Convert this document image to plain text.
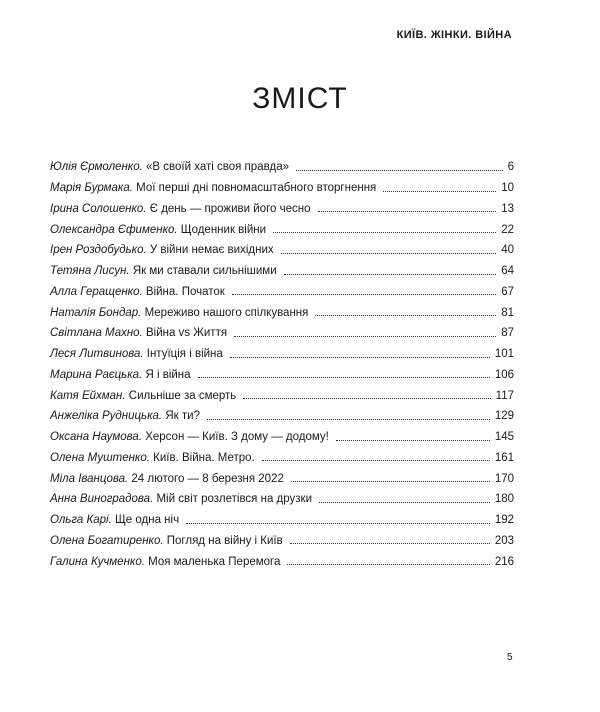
КИЇВ. ЖІНКИ. ВІЙНА
ЗМІСТ
Юлія Єрмоленко.
«В своїй хаті своя правда»	6
Марія Бурмака.
Мої перші дні повномасштабного вторгнення	10
Ірина Солошенко.
Є день — проживи його чесно	13
Олександра Єфименко.
Щоденник війни	22
Ірен Роздобудько.
У війни немає вихідних	40
Тетяна Лисун.
Як ми ставали сильнішими	64
Алла Геращенко.
Війна. Початок	67
Наталія Бондар.
Мереживо нашого спілкування	81
Світлана Махно.
Війна vs Життя	87
Леся Литвинова.
Інтуїція і війна	101
Марина Раєцька.
Я і війна	106
Катя Ейхман.
Сильніше за смерть	117
Анжеліка Рудницька.
Як ти?	129
Оксана Наумова.
Херсон — Київ. З дому — додому!	145
Олена Муштенко.
Київ. Війна. Метро.	161
Міла Іванцова.
24 лютого — 8 березня 2022	170
Анна Виноградова.
Мій світ розлетівся на друзки	180
Ольга Карі.
Ще одна ніч	192
Олена Богатиренко.
Погляд на війну і Київ	203
Галина Кучменко.
Моя маленька Перемога	216
5
